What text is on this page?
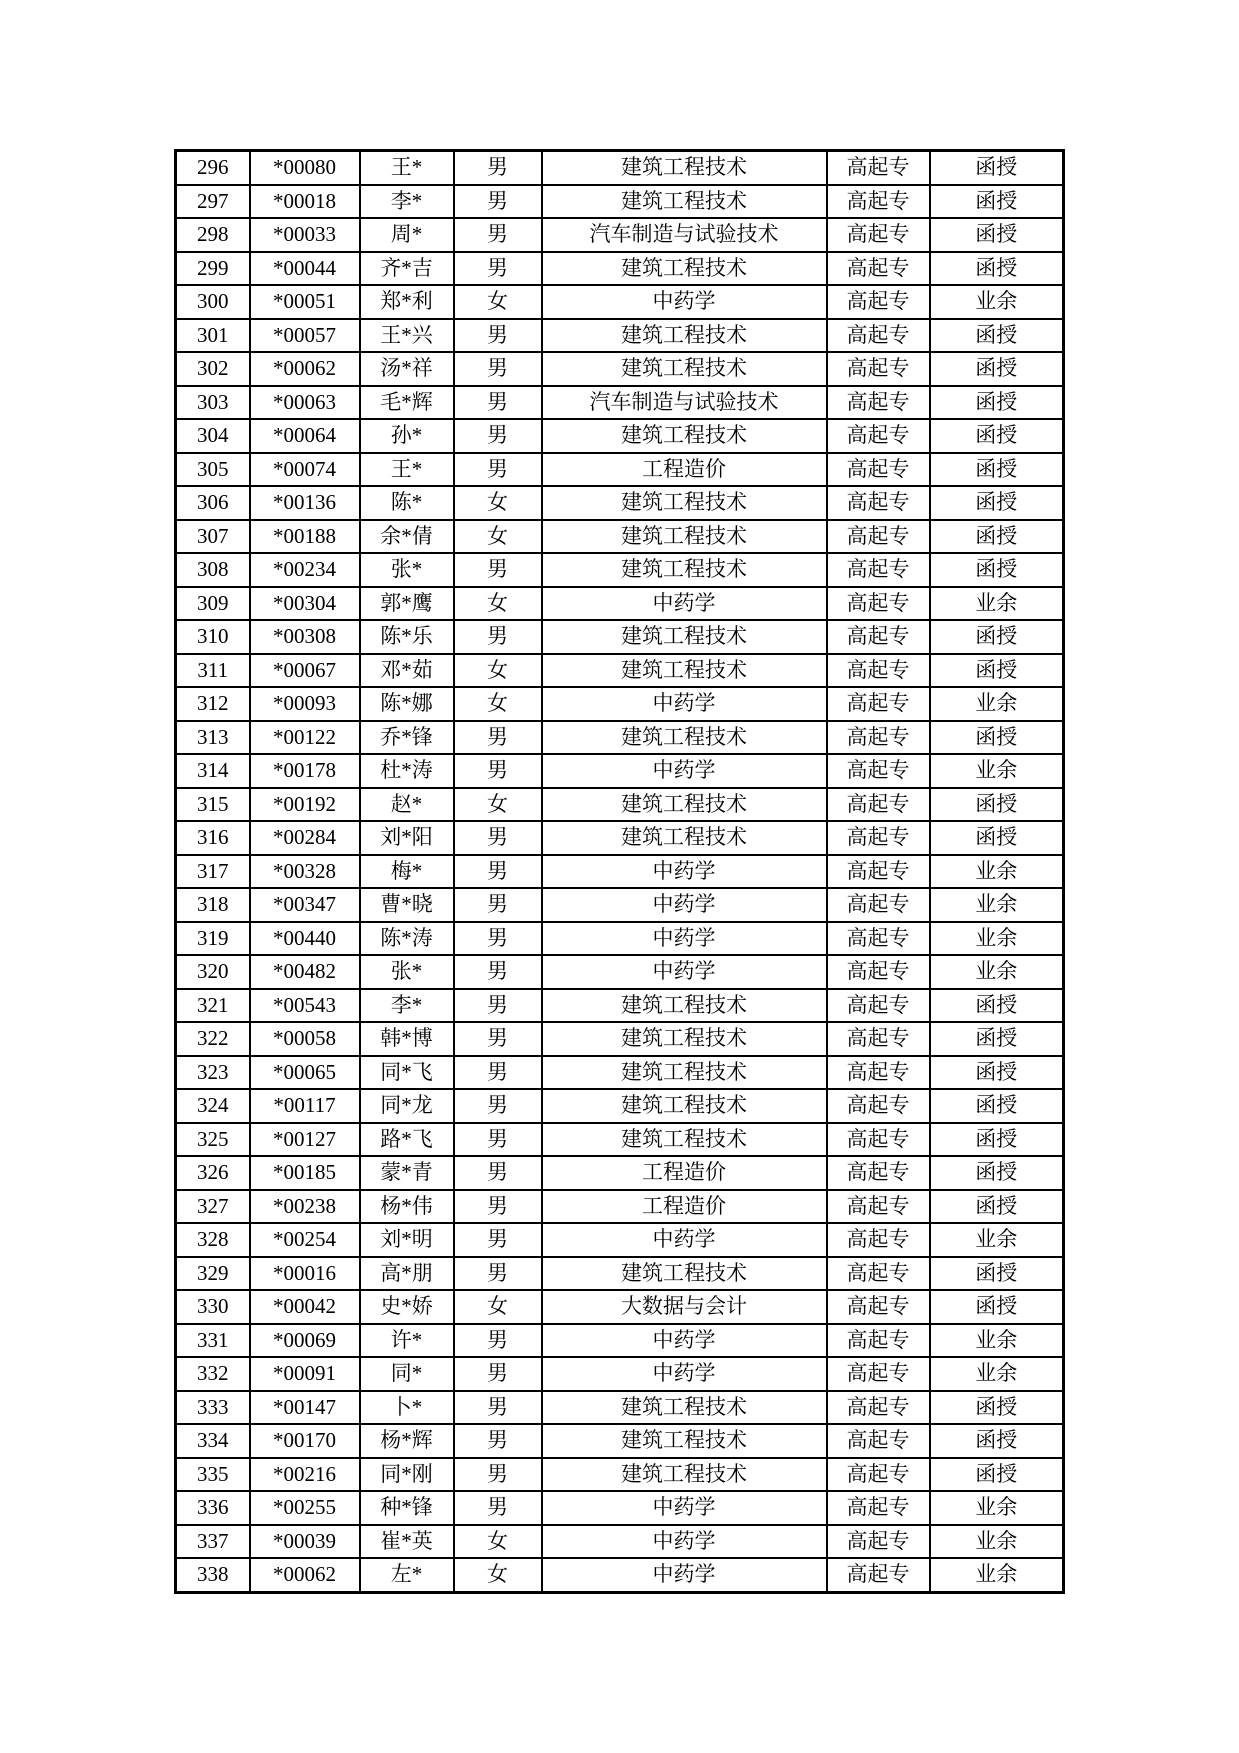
296	*00080	王*	男	建筑工程技术	高起专	函授
297	*00018	李*	男	建筑工程技术	高起专	函授
298	*00033	周*	男	汽车制造与试验技术	高起专	函授
299	*00044	齐*吉	男	建筑工程技术	高起专	函授
300	*00051	郑*利	女	中药学	高起专	业余
301	*00057	王*兴	男	建筑工程技术	高起专	函授
302	*00062	汤*祥	男	建筑工程技术	高起专	函授
303	*00063	毛*辉	男	汽车制造与试验技术	高起专	函授
304	*00064	孙*	男	建筑工程技术	高起专	函授
305	*00074	王*	男	工程造价	高起专	函授
306	*00136	陈*	女	建筑工程技术	高起专	函授
307	*00188	余*倩	女	建筑工程技术	高起专	函授
308	*00234	张*	男	建筑工程技术	高起专	函授
309	*00304	郭*鹰	女	中药学	高起专	业余
310	*00308	陈*乐	男	建筑工程技术	高起专	函授
311	*00067	邓*茹	女	建筑工程技术	高起专	函授
312	*00093	陈*娜	女	中药学	高起专	业余
313	*00122	乔*锋	男	建筑工程技术	高起专	函授
314	*00178	杜*涛	男	中药学	高起专	业余
315	*00192	赵*	女	建筑工程技术	高起专	函授
316	*00284	刘*阳	男	建筑工程技术	高起专	函授
317	*00328	梅*	男	中药学	高起专	业余
318	*00347	曹*晓	男	中药学	高起专	业余
319	*00440	陈*涛	男	中药学	高起专	业余
320	*00482	张*	男	中药学	高起专	业余
321	*00543	李*	男	建筑工程技术	高起专	函授
322	*00058	韩*博	男	建筑工程技术	高起专	函授
323	*00065	同*飞	男	建筑工程技术	高起专	函授
324	*00117	同*龙	男	建筑工程技术	高起专	函授
325	*00127	路*飞	男	建筑工程技术	高起专	函授
326	*00185	蒙*青	男	工程造价	高起专	函授
327	*00238	杨*伟	男	工程造价	高起专	函授
328	*00254	刘*明	男	中药学	高起专	业余
329	*00016	高*朋	男	建筑工程技术	高起专	函授
330	*00042	史*娇	女	大数据与会计	高起专	函授
331	*00069	许*	男	中药学	高起专	业余
332	*00091	同*	男	中药学	高起专	业余
333	*00147	卜*	男	建筑工程技术	高起专	函授
334	*00170	杨*辉	男	建筑工程技术	高起专	函授
335	*00216	同*刚	男	建筑工程技术	高起专	函授
336	*00255	种*锋	男	中药学	高起专	业余
337	*00039	崔*英	女	中药学	高起专	业余
338	*00062	左*	女	中药学	高起专	业余
